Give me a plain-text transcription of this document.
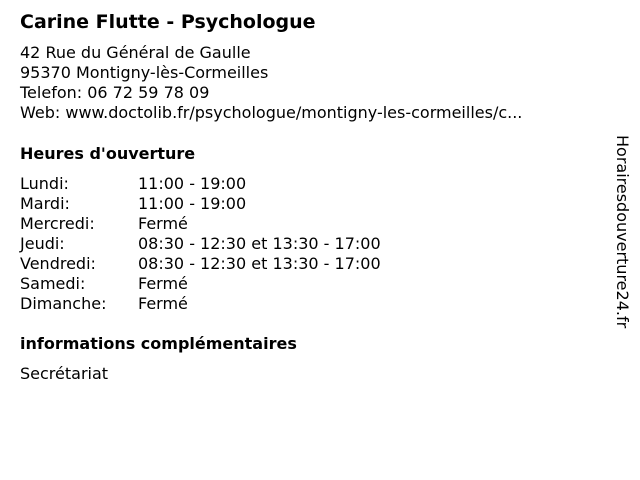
Carine Flutte - Psychologue
42 Rue du Général de Gaulle
95370 Montigny-lès-Cormeilles
Telefon: 06 72 59 78 09
Web: www.doctolib.fr/psychologue/montigny-les-cormeilles/c...
Heures d'ouverture
Lundi:	11:00 - 19:00
Mardi:	11:00 - 19:00
Mercredi:	Fermé
Jeudi:	08:30 - 12:30 et 13:30 - 17:00
Vendredi:	08:30 - 12:30 et 13:30 - 17:00
Samedi:	Fermé
Dimanche: Fermé
informations complémentaires
Secrétariat
Horairesdouverture24.fr
